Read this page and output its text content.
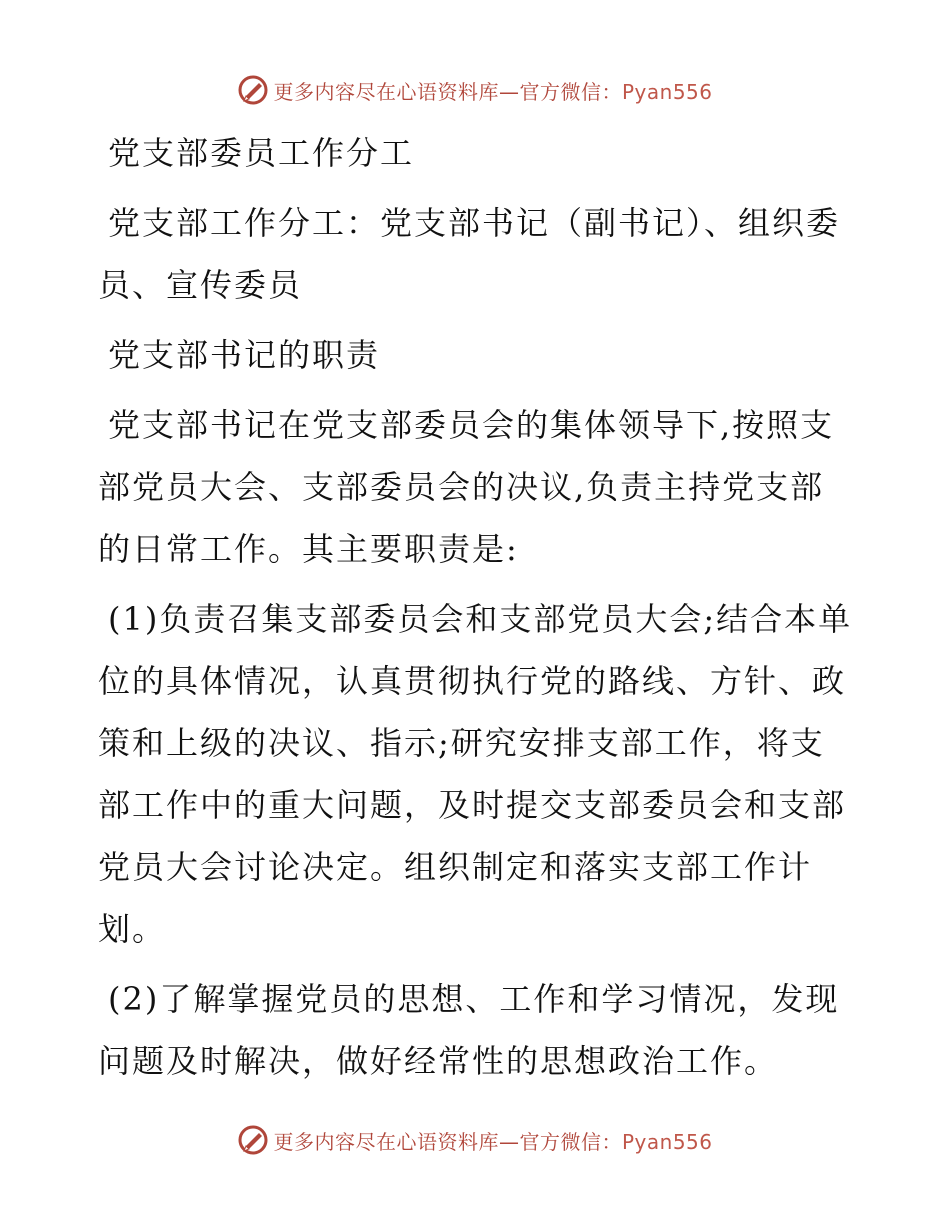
更多内容尽在心语资料库—官方微信：Pyan556

党支部委员工作分工

党支部工作分工：党支部书记（副书记）、组织委员、宣传委员

党支部书记的职责

党支部书记在党支部委员会的集体领导下,按照支部党员大会、支部委员会的决议,负责主持党支部的日常工作。其主要职责是:

(1)负责召集支部委员会和支部党员大会;结合本单位的具体情况，认真贯彻执行党的路线、方针、政策和上级的决议、指示;研究安排支部工作，将支部工作中的重大问题，及时提交支部委员会和支部党员大会讨论决定。组织制定和落实支部工作计划。

(2)了解掌握党员的思想、工作和学习情况，发现问题及时解决，做好经常性的思想政治工作。

更多内容尽在心语资料库—官方微信：Pyan556
